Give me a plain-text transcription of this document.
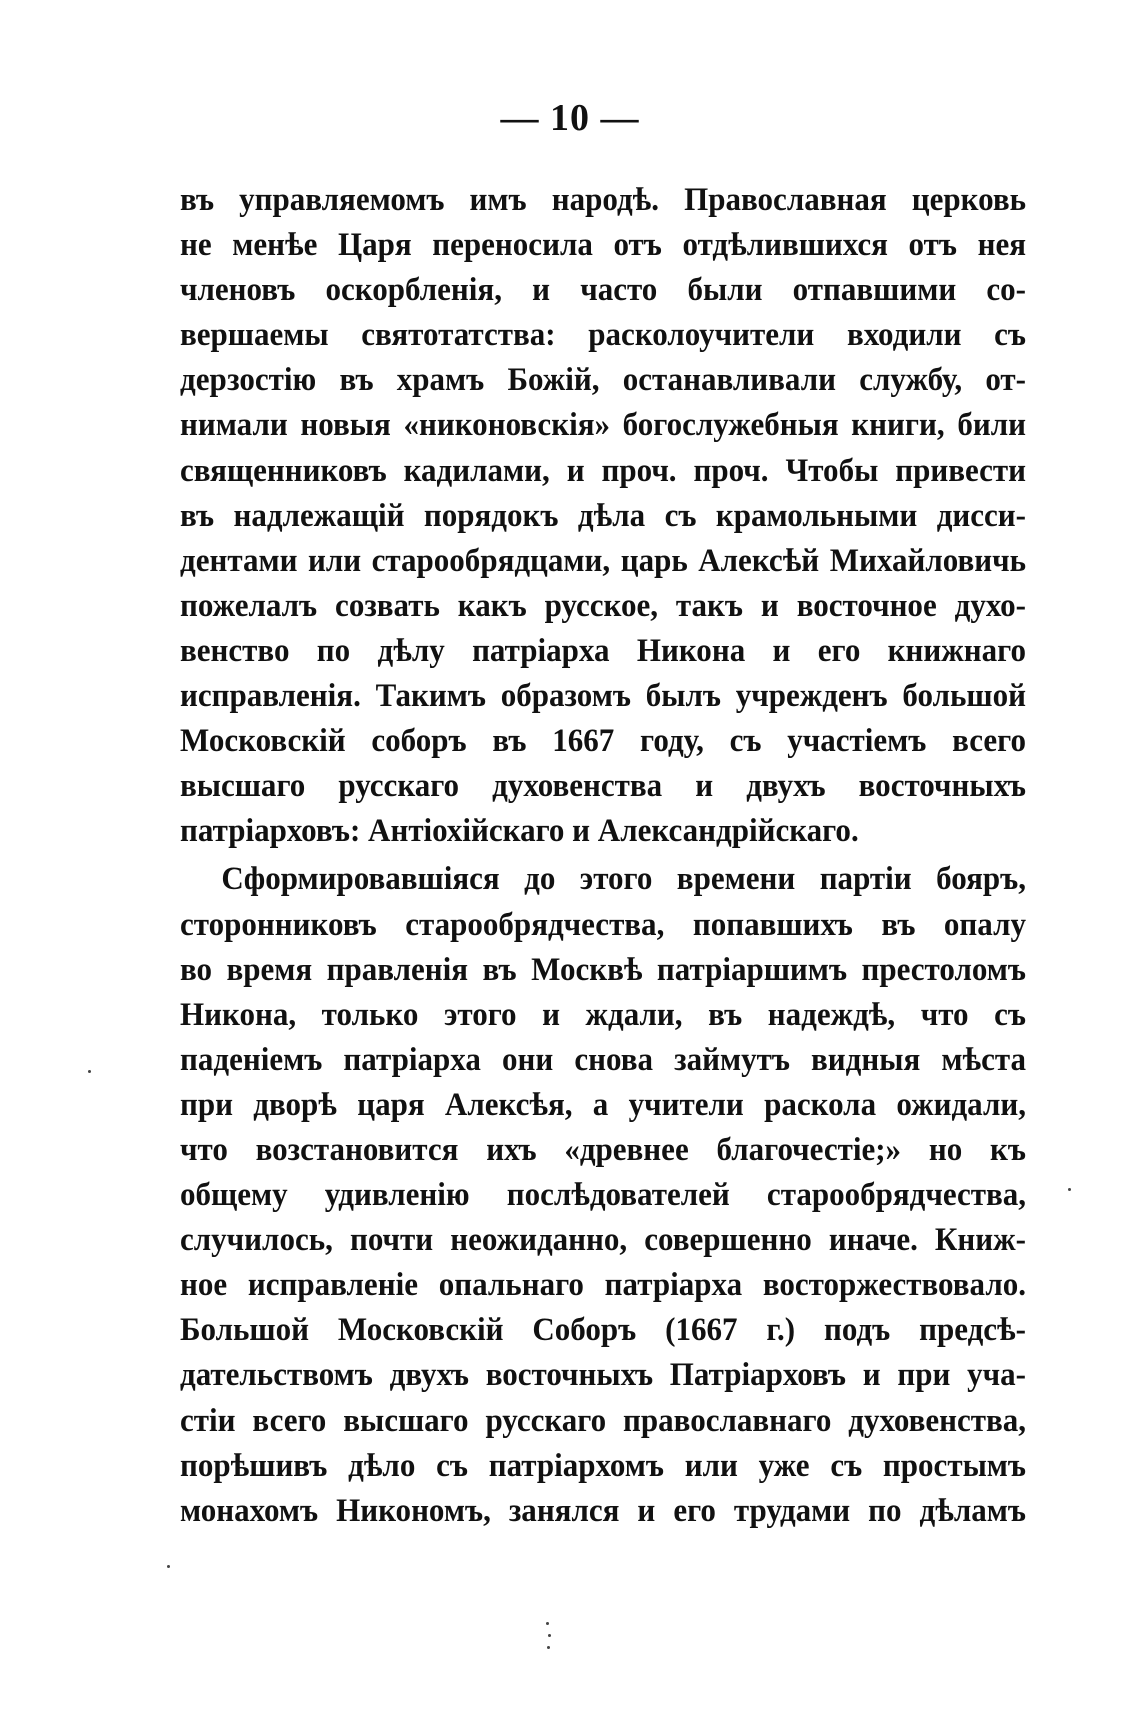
— 10 —
въ управляемомъ имъ народѣ. Православная церковь
не менѣе Царя переносила отъ отдѣлившихся отъ нея
членовъ оскорбленія, и часто были отпавшими со-
вершаемы святотатства: расколоучители входили съ
дерзостію въ храмъ Божій, останавливали службу, от-
нимали новыя «никоновскія» богослужебныя книги, били
священниковъ кадилами, и проч. проч. Чтобы привести
въ надлежащій порядокъ дѣла съ крамольными дисси-
дентами или старообрядцами, царь Алексѣй Михайловичь
пожелалъ созвать какъ русское, такъ и восточное духо-
венство по дѣлу патріарха Никона и его книжнаго
исправленія. Такимъ образомъ былъ учрежденъ большой
Московскій соборъ въ 1667 году, съ участіемъ всего
высшаго русскаго духовенства и двухъ восточныхъ
патріарховъ: Антіохійскаго и Александрійскаго.
Сформировавшіяся до этого времени партіи бояръ,
сторонниковъ старообрядчества, попавшихъ въ опалу
во время правленія въ Москвѣ патріаршимъ престоломъ
Никона, только этого и ждали, въ надеждѣ, что съ
паденіемъ патріарха они снова займутъ видныя мѣста
при дворѣ царя Алексѣя, а учители раскола ожидали,
что возстановится ихъ «древнее благочестіе;» но къ
общему удивленію послѣдователей старообрядчества,
случилось, почти неожиданно, совершенно иначе. Книж-
ное исправленіе опальнаго патріарха восторжествовало.
Большой Московскій Соборъ (1667 г.) подъ предсѣ-
дательствомъ двухъ восточныхъ Патріарховъ и при уча-
стіи всего высшаго русскаго православнаго духовенства,
порѣшивъ дѣло съ патріархомъ или уже съ простымъ
монахомъ Никономъ, занялся и его трудами по дѣламъ
